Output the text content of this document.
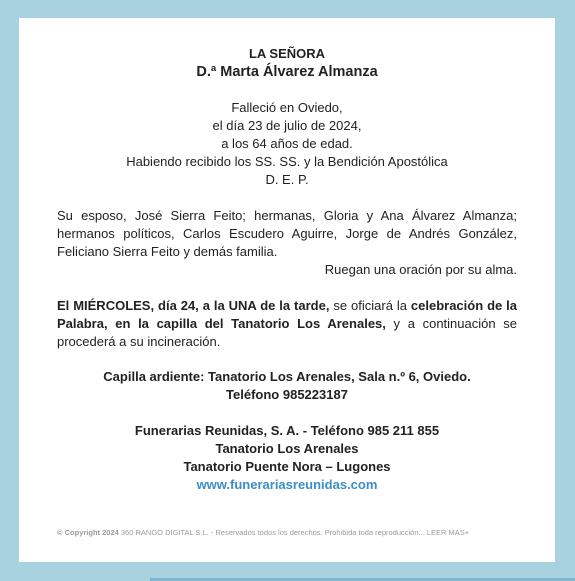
LA SEÑORA

D.ª Marta Álvarez Almanza

Falleció en Oviedo,

el día 23 de julio de 2024,

a los 64 años de edad.

Habiendo recibido los SS. SS. y la Bendición Apostólica

D. E. P.

Su esposo, José Sierra Feito; hermanas, Gloria y Ana Álvarez Almanza; hermanos políticos, Carlos Escudero Aguirre, Jorge de Andrés González, Feliciano Sierra Feito y demás familia.

Ruegan una oración por su alma.

El MIÉRCOLES, día 24, a la UNA de la tarde, se oficiará la celebración de la Palabra, en la capilla del Tanatorio Los Arenales, y a continuación se procederá a su incineración.

Capilla ardiente: Tanatorio Los Arenales, Sala n.º 6, Oviedo.

Teléfono 985223187

Funerarias Reunidas, S. A. - Teléfono 985 211 855

Tanatorio Los Arenales

Tanatorio Puente Nora – Lugones

www.funerariasreunidas.com

© Copyright 2024 360 RANGO DIGITAL S.L. - Reservados todos los derechos. Prohibida toda reproducción... LEER MAS+
